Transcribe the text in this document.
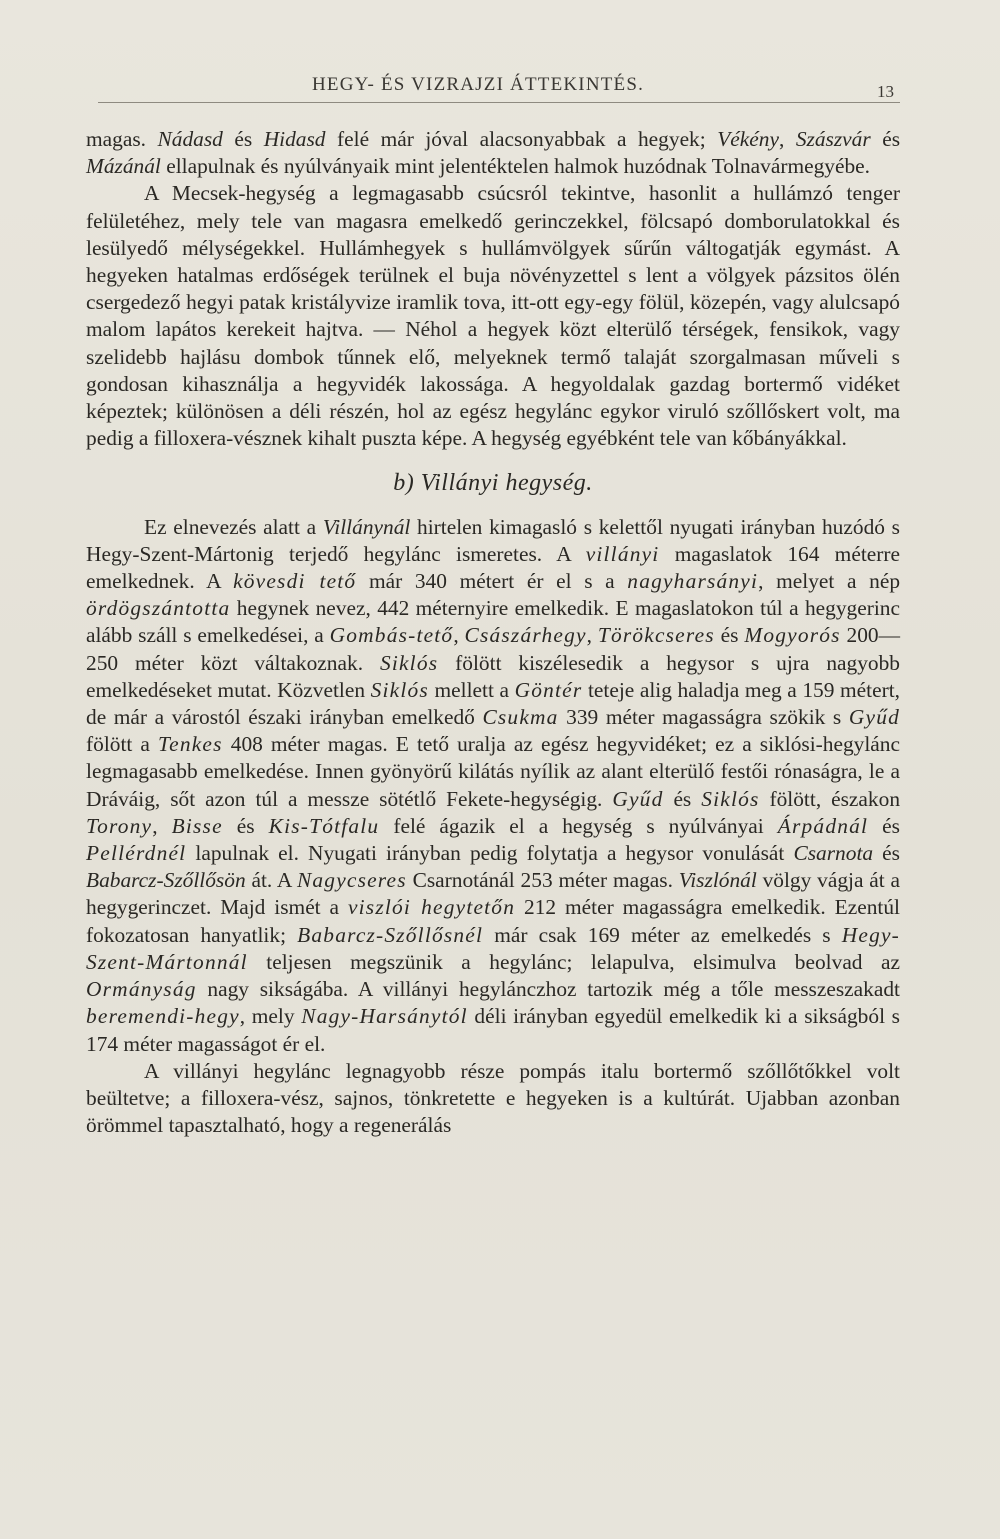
HEGY- ÉS VIZRAJZI ÁTTEKINTÉS.	13

magas. Nádasd és Hidasd felé már jóval alacsonyabbak a hegyek; Vékény, Szászvár és Mázánál ellapulnak és nyúlványaik mint jelentéktelen halmok huzódnak Tolnavármegyébe.

A Mecsek-hegység a legmagasabb csúcsról tekintve, hasonlit a hullámzó tenger felületéhez, mely tele van magasra emelkedő gerinczekkel, fölcsapó domborulatokkal és lesülyedő mélységekkel. Hullámhegyek s hullámvölgyek sűrűn váltogatják egymást. A hegyeken hatalmas erdőségek terülnek el buja növényzettel s lent a völgyek pázsitos ölén csergedező hegyi patak kristályvize iramlik tova, itt-ott egy-egy fölül, közepén, vagy alulcsapó malom lapátos kerekeit hajtva. — Néhol a hegyek közt elterülő térségek, fensikok, vagy szelidebb hajlásu dombok tűnnek elő, melyeknek termő talaját szorgalmasan műveli s gondosan kihasználja a hegyvidék lakossága. A hegyoldalak gazdag bortermő vidéket képeztek; különösen a déli részén, hol az egész hegylánc egykor viruló szőllőskert volt, ma pedig a filloxera-vésznek kihalt puszta képe. A hegység egyébként tele van kőbányákkal.

b) Villányi hegység.

Ez elnevezés alatt a Villánynál hirtelen kimagasló s kelettől nyugati irányban huzódó s Hegy-Szent-Mártonig terjedő hegylánc ismeretes. A villányi magaslatok 164 méterre emelkednek. A kövesdi tető már 340 métert ér el s a nagyharsányi, melyet a nép ördögszántotta hegynek nevez, 442 méternyire emelkedik. E magaslatokon túl a hegygerinc alább száll s emelkedései, a Gombás-tető, Császárhegy, Törökcseres és Mogyorós 200—250 méter közt váltakoznak. Siklós fölött kiszélesedik a hegysor s ujra nagyobb emelkedéseket mutat. Közvetlen Siklós mellett a Göntér teteje alig haladja meg a 159 métert, de már a várostól északi irányban emelkedő Csukma 339 méter magasságra szökik s Gyűd fölött a Tenkes 408 méter magas. E tető uralja az egész hegyvidéket; ez a siklósi-hegylánc legmagasabb emelkedése. Innen gyönyörű kilátás nyílik az alant elterülő festői rónaságra, le a Dráváig, sőt azon túl a messze sötétlő Fekete-hegységig. Gyűd és Siklós fölött, északon Torony, Bisse és Kis-Tótfalu felé ágazik el a hegység s nyúlványai Árpádnál és Pellérdnél lapulnak el. Nyugati irányban pedig folytatja a hegysor vonulását Csarnota és Babarcz-Szőllősön át. A Nagycseres Csarnotánál 253 méter magas. Viszlónál völgy vágja át a hegygerinczet. Majd ismét a viszlói hegytetőn 212 méter magasságra emelkedik. Ezentúl fokozatosan hanyatlik; Babarcz-Szőllősnél már csak 169 méter az emelkedés s Hegy-Szent-Mártonnál teljesen megszünik a hegylánc; lelapulva, elsimulva beolvad az Ormányság nagy sikságába. A villányi hegylánczhoz tartozik még a tőle messzeszakadt beremendi-hegy, mely Nagy-Harsánytól déli irányban egyedül emelkedik ki a sikságból s 174 méter magasságot ér el.

A villányi hegylánc legnagyobb része pompás italu bortermő szőllőtőkkel volt beültetve; a filloxera-vész, sajnos, tönkretette e hegyeken is a kultúrát. Ujabban azonban örömmel tapasztalható, hogy a regenerálás
